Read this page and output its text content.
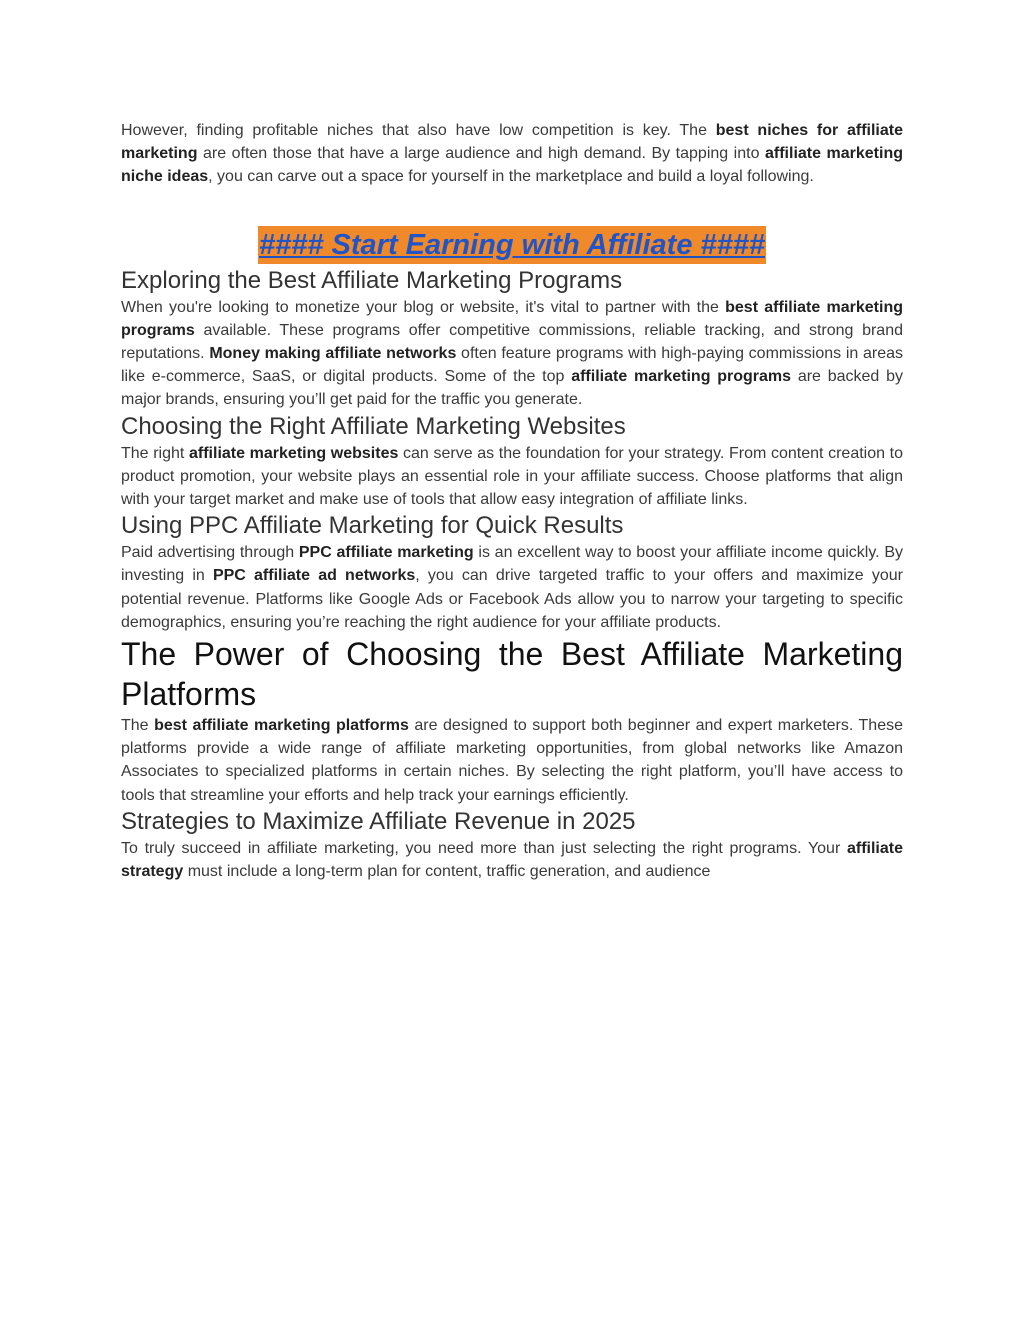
However, finding profitable niches that also have low competition is key. The best niches for affiliate marketing are often those that have a large audience and high demand. By tapping into affiliate marketing niche ideas, you can carve out a space for yourself in the marketplace and build a loyal following.

#### Start Earning with Affiliate ####
Exploring the Best Affiliate Marketing Programs

When you're looking to monetize your blog or website, it's vital to partner with the best affiliate marketing programs available. These programs offer competitive commissions, reliable tracking, and strong brand reputations. Money making affiliate networks often feature programs with high-paying commissions in areas like e-commerce, SaaS, or digital products. Some of the top affiliate marketing programs are backed by major brands, ensuring you’ll get paid for the traffic you generate.

Choosing the Right Affiliate Marketing Websites

The right affiliate marketing websites can serve as the foundation for your strategy. From content creation to product promotion, your website plays an essential role in your affiliate success. Choose platforms that align with your target market and make use of tools that allow easy integration of affiliate links.

Using PPC Affiliate Marketing for Quick Results

Paid advertising through PPC affiliate marketing is an excellent way to boost your affiliate income quickly. By investing in PPC affiliate ad networks, you can drive targeted traffic to your offers and maximize your potential revenue. Platforms like Google Ads or Facebook Ads allow you to narrow your targeting to specific demographics, ensuring you’re reaching the right audience for your affiliate products.

The Power of Choosing the Best Affiliate Marketing Platforms

The best affiliate marketing platforms are designed to support both beginner and expert marketers. These platforms provide a wide range of affiliate marketing opportunities, from global networks like Amazon Associates to specialized platforms in certain niches. By selecting the right platform, you’ll have access to tools that streamline your efforts and help track your earnings efficiently.

Strategies to Maximize Affiliate Revenue in 2025

To truly succeed in affiliate marketing, you need more than just selecting the right programs. Your affiliate strategy must include a long-term plan for content, traffic generation, and audience
